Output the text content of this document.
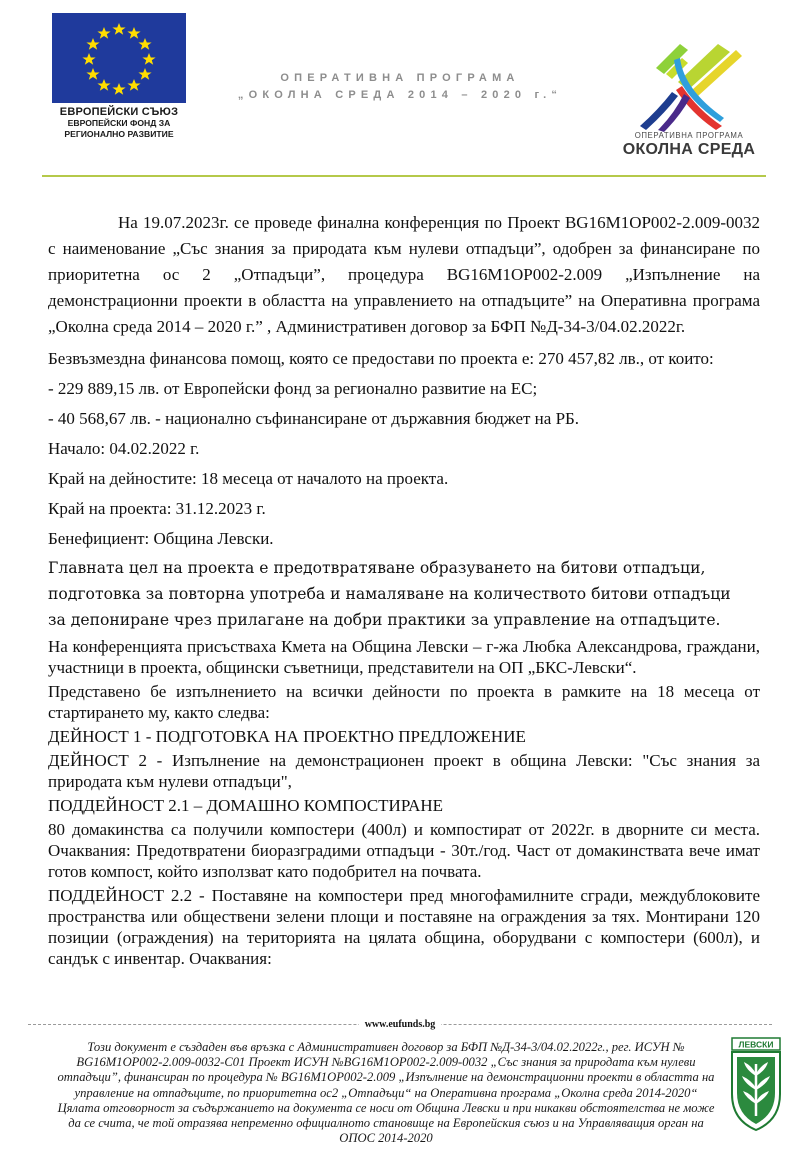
ЕВРОПЕЙСКИ СЪЮЗ
ЕВРОПЕЙСКИ ФОНД ЗА
РЕГИОНАЛНО РАЗВИТИЕ
ОПЕРАТИВНА ПРОГРАМА
„ОКОЛНА СРЕДА 2014 – 2020 г.“
ОПЕРАТИВНА ПРОГРАМА
ОКОЛНА СРЕДА

На 19.07.2023г. се проведе финална конференция по Проект BG16M1OP002-2.009-0032 с наименование „Със знания за природата към нулеви отпадъци”, одобрен за финансиране по приоритетна ос 2 „Отпадъци”, процедура BG16M1OP002-2.009 „Изпълнение на демонстрационни проекти в областта на управлението на отпадъците” на Оперативна програма „Околна среда 2014 – 2020 г.” , Административен договор за БФП №Д-34-3/04.02.2022г.

Безвъзмездна финансова помощ, която се предостави по проекта е: 270 457,82 лв., от които:

- 229 889,15 лв. от Европейски фонд за регионално развитие на ЕС;

- 40 568,67 лв. - национално съфинансиране от държавния бюджет на РБ.

Начало: 04.02.2022 г.

Край на дейностите: 18 месеца от началото на проекта.

Край на проекта: 31.12.2023 г.

Бенефициент: Община Левски.

Главната цел на проекта е предотвратяване образуването на битови отпадъци,

подготовка за повторна употреба и намаляване на количеството битови отпадъци

за депониране чрез прилагане на добри практики за управление на отпадъците.

На конференцията присъстваха Кмета на Община Левски – г-жа Любка Александрова, граждани, участници в проекта, общински съветници, представители на ОП „БКС-Левски“.

Представено бе изпълнението на всички дейности по проекта в рамките на 18 месеца от стартирането му, както следва:

ДЕЙНОСТ 1 - ПОДГОТОВКА НА ПРОЕКТНО ПРЕДЛОЖЕНИЕ

ДЕЙНОСТ 2 - Изпълнение на демонстрационен проект в община Левски: "Със знания за природата към нулеви отпадъци",

ПОДДЕЙНОСТ 2.1 – ДОМАШНО КОМПОСТИРАНЕ

80 домакинства са получили компостери (400л) и компостират от 2022г. в дворните си места. Очаквания: Предотвратени биоразградими отпадъци - 30т./год. Част от домакинствата вече имат готов компост, който използват като подобрител на почвата.

ПОДДЕЙНОСТ 2.2 - Поставяне на компостери пред многофамилните сгради, междублоковите пространства или обществени зелени площи и поставяне на ограждения за тях. Монтирани 120 позиции (ограждения) на територията на цялата община, оборудвани с компостери (600л), и сандък с инвентар. Очаквания:

www.eufunds.bg
Този документ е създаден във връзка с Административен договор за БФП №Д-34-3/04.02.2022г., рег. ИСУН № BG16M1OP002-2.009-0032-C01 Проект ИСУН №BG16M1OP002-2.009-0032 „Със знания за природата към нулеви отпадъци”, финансиран по процедура № BG16M1OP002-2.009 „Изпълнение на демонстрационни проекти в областта на управление на отпадъците, по приоритетна ос2 „Отпадъци“ на Оперативна програма „Околна среда 2014-2020“ Цялата отговорност за съдържанието на документа се носи от Община Левски и при никакви обстоятелства не може да се счита, че той отразява непременно официалното становище на Европейския съюз и на Управляващия орган на ОПОС 2014-2020
ЛЕВСКИ
